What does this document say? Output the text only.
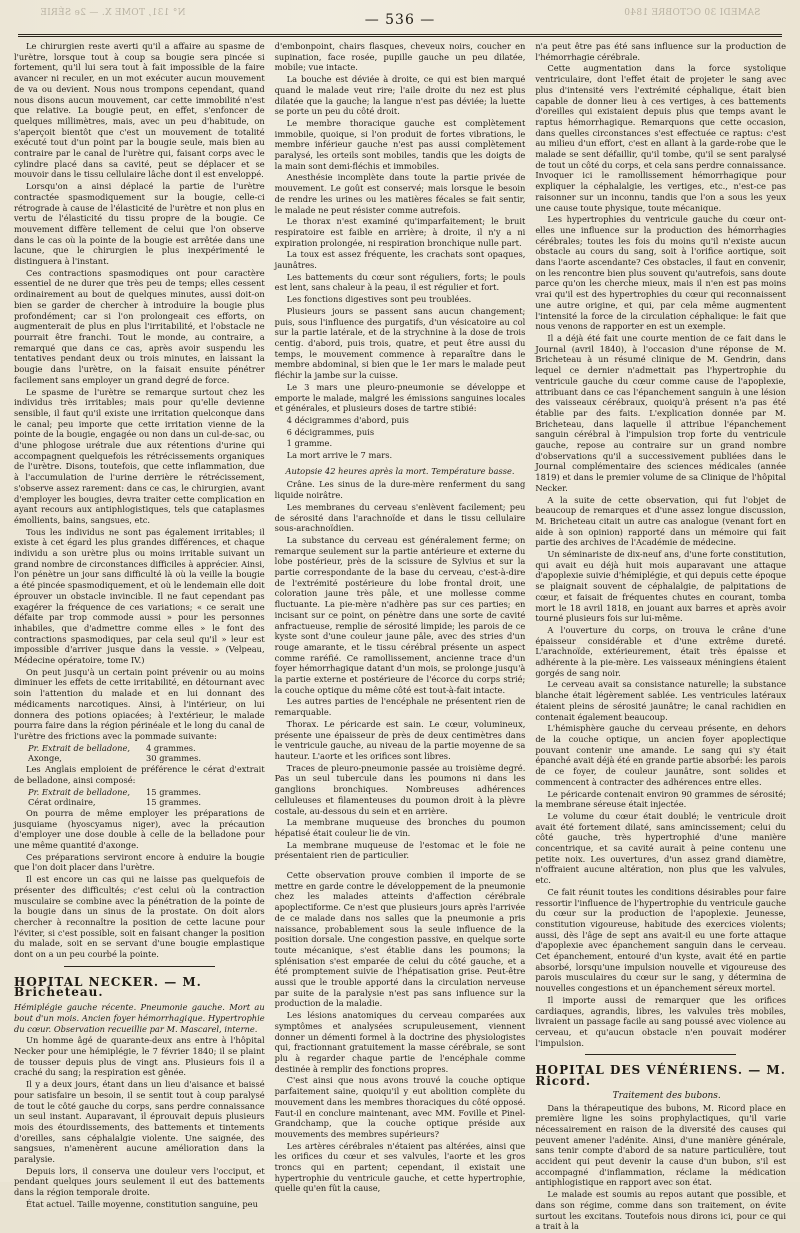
N° 131, TOME X. — 2e SÉRIE	— 536 —	SAMEDI 30 OCTOBRE 1840

Le chirurgien reste averti qu'il a affaire au spasme de l'urètre, lorsque tout à coup sa bougie sera pincée si fortement, qu'il lui sera tout à fait impossible de la faire avancer ni reculer, en un mot exécuter aucun mouvement de va ou devient. Nous nous trompons cependant, quand nous disons aucun mouvement, car cette immobilité n'est que relative. La bougie peut, en effet, s'enfoncer de quelques millimètres, mais, avec un peu d'habitude, on s'aperçoit bientôt que c'est un mouvement de totalité exécuté tout d'un point par la bougie seule, mais bien au contraire par le canal de l'urètre qui, faisant corps avec le cylindre placé dans sa cavité, peut se déplacer et se mouvoir dans le tissu cellulaire lâche dont il est enveloppé.

Lorsqu'on a ainsi déplacé la partie de l'urètre contractée spasmodiquement sur la bougie, celle-ci rétrograde à cause de l'élasticité de l'urètre et non plus en vertu de l'élasticité du tissu propre de la bougie. Ce mouvement diffère tellement de celui que l'on observe dans le cas où la pointe de la bougie est arrêtée dans une lacune, que le chirurgien le plus inexpérimenté le distinguera à l'instant.

Ces contractions spasmodiques ont pour caractère essentiel de ne durer que très peu de temps; elles cessent ordinairement au bout de quelques minutes, aussi doit-on bien se garder de chercher à introduire la bougie plus profondément; car si l'on prolongeait ces efforts, on augmenterait de plus en plus l'irritabilité, et l'obstacle ne pourrait être franchi. Tout le monde, au contraire, a remarqué que dans ce cas, après avoir suspendu les tentatives pendant deux ou trois minutes, en laissant la bougie dans l'urètre, on la faisait ensuite pénétrer facilement sans employer un grand degré de force.

Le spasme de l'urètre se remarque surtout chez les individus très irritables; mais pour qu'elle devienne sensible, il faut qu'il existe une irritation quelconque dans le canal; peu importe que cette irritation vienne de la pointe de la bougie, engagée ou non dans un cul-de-sac, ou d'une phlogose urétrale due aux rétentions d'urine qui accompagnent quelquefois les rétrécissements organiques de l'urètre. Disons, toutefois, que cette inflammation, due à l'accumulation de l'urine derrière le rétrécissement, s'observe assez rarement: dans ce cas, le chirurgien, avant d'employer les bougies, devra traiter cette complication en ayant recours aux antiphlogistiques, tels que cataplasmes émollients, bains, sangsues, etc.

Tous les individus ne sont pas également irritables; il existe à cet égard les plus grandes différences, et chaque individu a son urètre plus ou moins irritable suivant un grand nombre de circonstances difficiles à apprécier. Ainsi, l'on pénètre un jour sans difficulté là où la veille la bougie a été pincée spasmodiquement, et où le lendemain elle doit éprouver un obstacle invincible. Il ne faut cependant pas exagérer la fréquence de ces variations; « ce serait une défaite par trop commode aussi » pour les personnes inhabiles, que d'admettre comme elles » le font des contractions spasmodiques, par cela seul qu'il » leur est impossible d'arriver jusque dans la vessie. » (Velpeau, Médecine opératoire, tome IV.)

On peut jusqu'à un certain point prévenir ou au moins diminuer les effets de cette irritabilité, en détournant avec soin l'attention du malade et en lui donnant des médicaments narcotiques. Ainsi, à l'intérieur, on lui donnera des potions opiacées; à l'extérieur, le malade pourra faire dans la région périnéale et le long du canal de l'urètre des frictions avec la pommade suivante:

Pr. Extrait de belladone,	4 grammes.
Axonge,	30 grammes.

Les Anglais emploient de préférence le cérat d'extrait de belladone, ainsi composé:

Pr. Extrait de belladone,	15 grammes.
Cérat ordinaire,	15 grammes.

On pourra de même employer les préparations de jusquiame (hyoscyamus niger), avec la précaution d'employer une dose double à celle de la belladone pour une même quantité d'axonge.

Ces préparations serviront encore à enduire la bougie que l'on doit placer dans l'urètre.

Il est encore un cas qui ne laisse pas quelquefois de présenter des difficultés; c'est celui où la contraction musculaire se combine avec la pénétration de la pointe de la bougie dans un sinus de la prostate. On doit alors chercher à reconnaître la position de cette lacune pour l'éviter, si c'est possible, soit en faisant changer la position du malade, soit en se servant d'une bougie emplastique dont on a un peu courbé la pointe.

HOPITAL NECKER. — M. Bricheteau.

Hémiplégie gauche récente. Pneumonie gauche. Mort au bout d'un mois. Ancien foyer hémorrhagique. Hypertrophie du cœur. Observation recueillie par M. Mascarel, interne.

Un homme âgé de quarante-deux ans entre à l'hôpital Necker pour une hémiplégie, le 7 février 1840; il se plaint de tousser depuis plus de vingt ans. Plusieurs fois il a craché du sang; la respiration est gênée.

Il y a deux jours, étant dans un lieu d'aisance et baissé pour satisfaire un besoin, il se sentit tout à coup paralysé de tout le côté gauche du corps, sans perdre connaissance un seul instant. Auparavant, il éprouvait depuis plusieurs mois des étourdissements, des battements et tintements d'oreilles, sans céphalalgie violente. Une saignée, des sangsues, n'amenèrent aucune amélioration dans la paralysie.

Depuis lors, il conserva une douleur vers l'occiput, et pendant quelques jours seulement il eut des battements dans la région temporale droite.

État actuel. Taille moyenne, constitution sanguine, peu

d'embonpoint, chairs flasques, cheveux noirs, coucher en supination, face rosée, pupille gauche un peu dilatée, mobile; vue intacte.

La bouche est déviée à droite, ce qui est bien marqué quand le malade veut rire; l'aile droite du nez est plus dilatée que la gauche; la langue n'est pas déviée; la luette se porte un peu du côté droit.

Le membre thoracique gauche est complètement immobile, quoique, si l'on produit de fortes vibrations, le membre inférieur gauche n'est pas aussi complètement paralysé, les orteils sont mobiles, tandis que les doigts de la main sont demi-fléchis et immobiles.

Anesthésie incomplète dans toute la partie privée de mouvement. Le goût est conservé; mais lorsque le besoin de rendre les urines ou les matières fécales se fait sentir, le malade ne peut résister comme autrefois.

Le thorax n'est examiné qu'imparfaitement; le bruit respiratoire est faible en arrière; à droite, il n'y a ni expiration prolongée, ni respiration bronchique nulle part.

La toux est assez fréquente, les crachats sont opaques, jaunâtres.

Les battements du cœur sont réguliers, forts; le pouls est lent, sans chaleur à la peau, il est régulier et fort.

Les fonctions digestives sont peu troublées.

Plusieurs jours se passent sans aucun changement; puis, sous l'influence des purgatifs, d'un vésicatoire au col sur la partie latérale, et de la strychnine à la dose de trois centig. d'abord, puis trois, quatre, et peut être aussi du temps, le mouvement commence à reparaître dans le membre abdominal, si bien que le 1er mars le malade peut fléchir la jambe sur la cuisse.

Le 3 mars une pleuro-pneumonie se développe et emporte le malade, malgré les émissions sanguines locales et générales, et plusieurs doses de tartre stibié:

4 décigrammes d'abord, puis

6 décigrammes, puis

1 gramme.

La mort arrive le 7 mars.

Autopsie 42 heures après la mort. Température basse.

Crâne. Les sinus de la dure-mère renferment du sang liquide noirâtre.

Les membranes du cerveau s'enlèvent facilement; peu de sérosité dans l'arachnoïde et dans le tissu cellulaire sous-arachnoïdien.

La substance du cerveau est généralement ferme; on remarque seulement sur la partie antérieure et externe du lobe postérieur, près de la scissure de Sylvius et sur la partie correspondante de la base du cerveau, c'est-à-dire de l'extrémité postérieure du lobe frontal droit, une coloration jaune très pâle, et une mollesse comme fluctuante. La pie-mère n'adhère pas sur ces parties; en incisant sur ce point, on pénètre dans une sorte de cavité anfractueuse, remplie de sérosité limpide; les parois de ce kyste sont d'une couleur jaune pâle, avec des stries d'un rouge amarante, et le tissu cérébral présente un aspect comme raréfié. Ce ramollissement, ancienne trace d'un foyer hémorrhagique datant d'un mois, se prolonge jusqu'à la partie externe et postérieure de l'écorce du corps strié; la couche optique du même côté est tout-à-fait intacte.

Les autres parties de l'encéphale ne présentent rien de remarquable.

Thorax. Le péricarde est sain. Le cœur, volumineux, présente une épaisseur de près de deux centimètres dans le ventricule gauche, au niveau de la partie moyenne de sa hauteur. L'aorte et les orifices sont libres.

Traces de pleuro-pneumonie passée au troisième degré. Pas un seul tubercule dans les poumons ni dans les ganglions bronchiques. Nombreuses adhérences celluleuses et filamenteuses du poumon droit à la plèvre costale, au-dessous du sein et en arrière.

La membrane muqueuse des bronches du poumon hépatisé était couleur lie de vin.

La membrane muqueuse de l'estomac et le foie ne présentaient rien de particulier.

Cette observation prouve combien il importe de se mettre en garde contre le développement de la pneumonie chez les malades atteints d'affection cérébrale apoplectiforme. Ce n'est que plusieurs jours après l'arrivée de ce malade dans nos salles que la pneumonie a pris naissance, probablement sous la seule influence de la position dorsale. Une congestion passive, en quelque sorte toute mécanique, s'est établie dans les poumons; la splénisation s'est emparée de celui du côté gauche, et a été promptement suivie de l'hépatisation grise. Peut-être aussi que le trouble apporté dans la circulation nerveuse par suite de la paralysie n'est pas sans influence sur la production de la maladie.

Les lésions anatomiques du cerveau comparées aux symptômes et analysées scrupuleusement, viennent donner un démenti formel à la doctrine des physiologistes qui, fractionnant gratuitement la masse cérébrale, se sont plu à regarder chaque partie de l'encéphale comme destinée à remplir des fonctions propres.

C'est ainsi que nous avons trouvé la couche optique parfaitement saine, quoiqu'il y eut abolition complète du mouvement dans les membres thoraciques du côté opposé. Faut-il en conclure maintenant, avec MM. Foville et Pinel-Grandchamp, que la couche optique préside aux mouvements des membres supérieurs?

Les artères cérébrales n'étaient pas altérées, ainsi que les orifices du cœur et ses valvules, l'aorte et les gros troncs qui en partent; cependant, il existait une hypertrophie du ventricule gauche, et cette hypertrophie, quelle qu'en fût la cause,

n'a peut être pas été sans influence sur la production de l'hémorrhagie cérébrale.

Cette augmentation dans la force systolique ventriculaire, dont l'effet était de projeter le sang avec plus d'intensité vers l'extrémité céphalique, était bien capable de donner lieu à ces vertiges, à ces battements d'oreilles qui existaient depuis plus que temps avant le raptus hémorrhagique. Remarquons que cette occasion, dans quelles circonstances s'est effectuée ce raptus: c'est au milieu d'un effort, c'est en allant à la garde-robe que le malade se sent défaillir, qu'il tombe, qu'il se sent paralysé de tout un côté du corps, et cela sans perdre connaissance. Invoquer ici le ramollissement hémorrhagique pour expliquer la céphalalgie, les vertiges, etc., n'est-ce pas raisonner sur un inconnu, tandis que l'on a sous les yeux une cause toute physique, toute mécanique.

Les hypertrophies du ventricule gauche du cœur ont-elles une influence sur la production des hémorrhagies cérébrales; toutes les fois du moins qu'il n'existe aucun obstacle au cours du sang, soit à l'orifice aortique, soit dans l'aorte ascendante? Ces obstacles, il faut en convenir, on les rencontre bien plus souvent qu'autrefois, sans doute parce qu'on les cherche mieux, mais il n'en est pas moins vrai qu'il est des hypertrophies du cœur qui reconnaissent une autre origine, et qui, par cela même augmentent l'intensité la force de la circulation céphalique: le fait que nous venons de rapporter en est un exemple.

Il a déjà été fait une courte mention de ce fait dans le Journal (avril 1840), à l'occasion d'une réponse de M. Bricheteau à un résumé clinique de M. Gendrin, dans lequel ce dernier n'admettait pas l'hypertrophie du ventricule gauche du cœur comme cause de l'apoplexie, attribuant dans ce cas l'épanchement sanguin à une lésion des vaisseaux cérébraux, quoiqu'à présent n'a pas été établie par des faits. L'explication donnée par M. Bricheteau, dans laquelle il attribue l'épanchement sanguin cérébral à l'impulsion trop forte du ventricule gauche, repose au contraire sur un grand nombre d'observations qu'il a successivement publiées dans le Journal complémentaire des sciences médicales (année 1819) et dans le premier volume de sa Clinique de l'hôpital Necker.

A la suite de cette observation, qui fut l'objet de beaucoup de remarques et d'une assez longue discussion, M. Bricheteau citait un autre cas analogue (venant fort en aide à son opinion) rapporté dans un mémoire qui fait partie des archives de l'Académie de médecine.

Un séminariste de dix-neuf ans, d'une forte constitution, qui avait eu déjà huit mois auparavant une attaque d'apoplexie suivie d'hémiplégie, et qui depuis cette époque se plaignait souvent de céphalalgie, de palpitations de cœur, et faisait de fréquentes chutes en courant, tomba mort le 18 avril 1818, en jouant aux barres et après avoir tourné plusieurs fois sur lui-même.

A l'ouverture du corps, on trouva le crâne d'une épaisseur considérable et d'une extrême dureté. L'arachnoïde, extérieurement, était très épaisse et adhérente à la pie-mère. Les vaisseaux méningiens étaient gorgés de sang noir.

Le cerveau avait sa consistance naturelle; la substance blanche était légèrement sablée. Les ventricules latéraux étaient pleins de sérosité jaunâtre; le canal rachidien en contenait également beaucoup.

L'hémisphère gauche du cerveau présente, en dehors de la couche optique, un ancien foyer apoplectique pouvant contenir une amande. Le sang qui s'y était épanché avait déjà été en grande partie absorbé: les parois de ce foyer, de couleur jaunâtre, sont solides et commencent à contracter des adhérences entre elles.

Le péricarde contenait environ 90 grammes de sérosité; la membrane séreuse était injectée.

Le volume du cœur était doublé; le ventricule droit avait été fortement dilaté, sans amincissement; celui du côté gauche, très hypertrophié d'une manière concentrique, et sa cavité aurait à peine contenu une petite noix. Les ouvertures, d'un assez grand diamètre, n'offraient aucune altération, non plus que les valvules, etc.

Ce fait réunit toutes les conditions désirables pour faire ressortir l'influence de l'hypertrophie du ventricule gauche du cœur sur la production de l'apoplexie. Jeunesse, constitution vigoureuse, habitude des exercices violents; aussi, dès l'âge de sept ans avait-il eu une forte attaque d'apoplexie avec épanchement sanguin dans le cerveau. Cet épanchement, entouré d'un kyste, avait été en partie absorbé, lorsqu'une impulsion nouvelle et vigoureuse des parois musculaires du cœur sur le sang, y détermina de nouvelles congestions et un épanchement séreux mortel.

Il importe aussi de remarquer que les orifices cardiaques, agrandis, libres, les valvules très mobiles, livraient un passage facile au sang poussé avec violence au cerveau, et qu'aucun obstacle n'en pouvait modérer l'impulsion.

HOPITAL DES VÉNÉRIENS. — M. Ricord.

Traitement des bubons.

Dans la thérapeutique des bubons, M. Ricord place en première ligne les soins prophylactiques, qu'il varie nécessairement en raison de la diversité des causes qui peuvent amener l'adénite. Ainsi, d'une manière générale, sans tenir compte d'abord de sa nature particulière, tout accident qui peut devenir la cause d'un bubon, s'il est accompagné d'inflammation, réclame la médication antiphlogistique en rapport avec son état.

Le malade est soumis au repos autant que possible, et dans son régime, comme dans son traitement, on évite surtout les excitans. Toutefois nous dirons ici, pour ce qui a trait à la
